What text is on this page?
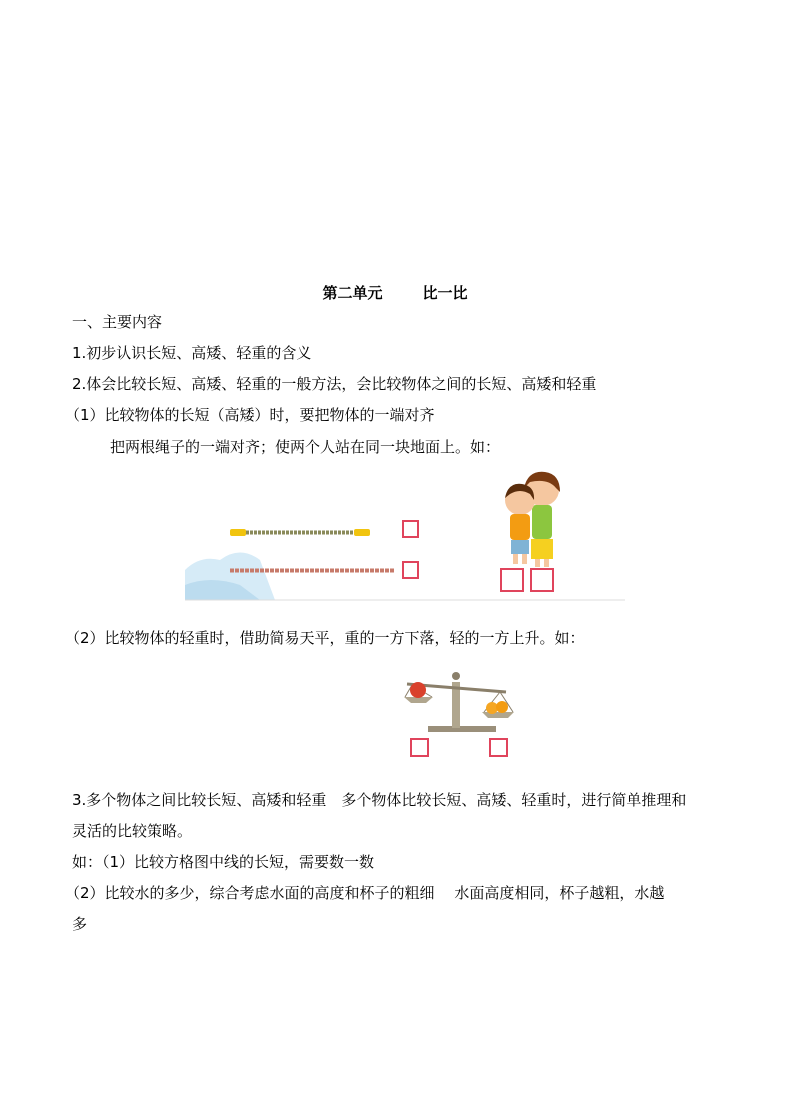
第二单元	比一比
一、主要内容
1.初步认识长短、高矮、轻重的含义
2.体会比较长短、高矮、轻重的一般方法，会比较物体之间的长短、高矮和轻重
（1）比较物体的长短（高矮）时，要把物体的一端对齐
把两根绳子的一端对齐；使两个人站在同一块地面上。如：
（2）比较物体的轻重时，借助简易天平，重的一方下落，轻的一方上升。如：
3.多个物体之间比较长短、高矮和轻重　多个物体比较长短、高矮、轻重时，进行简单推理和
灵活的比较策略。
如：（1）比较方格图中线的长短，需要数一数
（2）比较水的多少，综合考虑水面的高度和杯子的粗细　 水面高度相同，杯子越粗，水越
多
